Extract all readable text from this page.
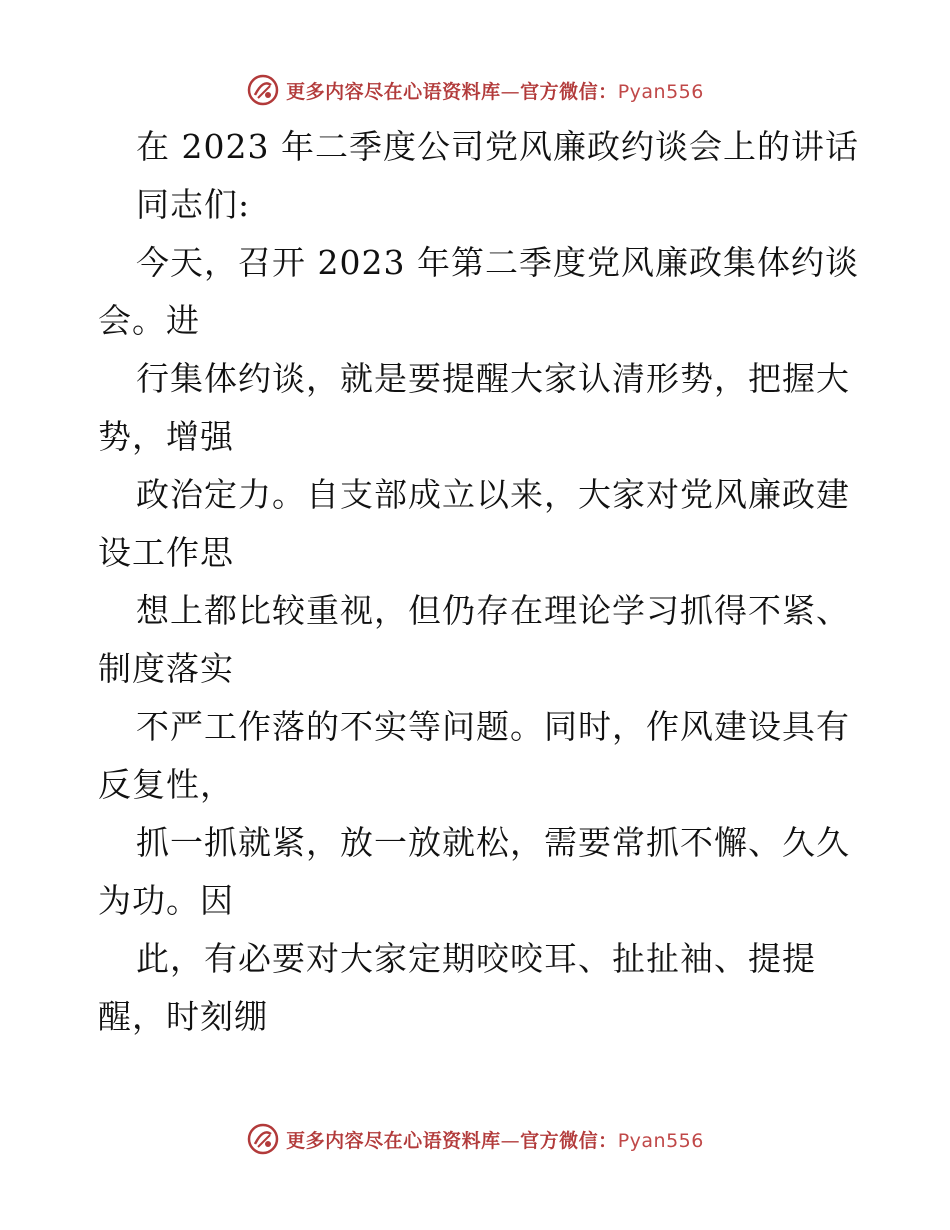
更多内容尽在心语资料库—官方微信：Pyan556
在 2023 年二季度公司党风廉政约谈会上的讲话
同志们:
今天，召开 2023 年第二季度党风廉政集体约谈
会。进
行集体约谈，就是要提醒大家认清形势，把握大
势，增强
政治定力。自支部成立以来，大家对党风廉政建
设工作思
想上都比较重视，但仍存在理论学习抓得不紧、
制度落实
不严工作落的不实等问题。同时，作风建设具有
反复性，
抓一抓就紧，放一放就松，需要常抓不懈、久久
为功。因
此，有必要对大家定期咬咬耳、扯扯袖、提提
醒，时刻绷
更多内容尽在心语资料库—官方微信：Pyan556
